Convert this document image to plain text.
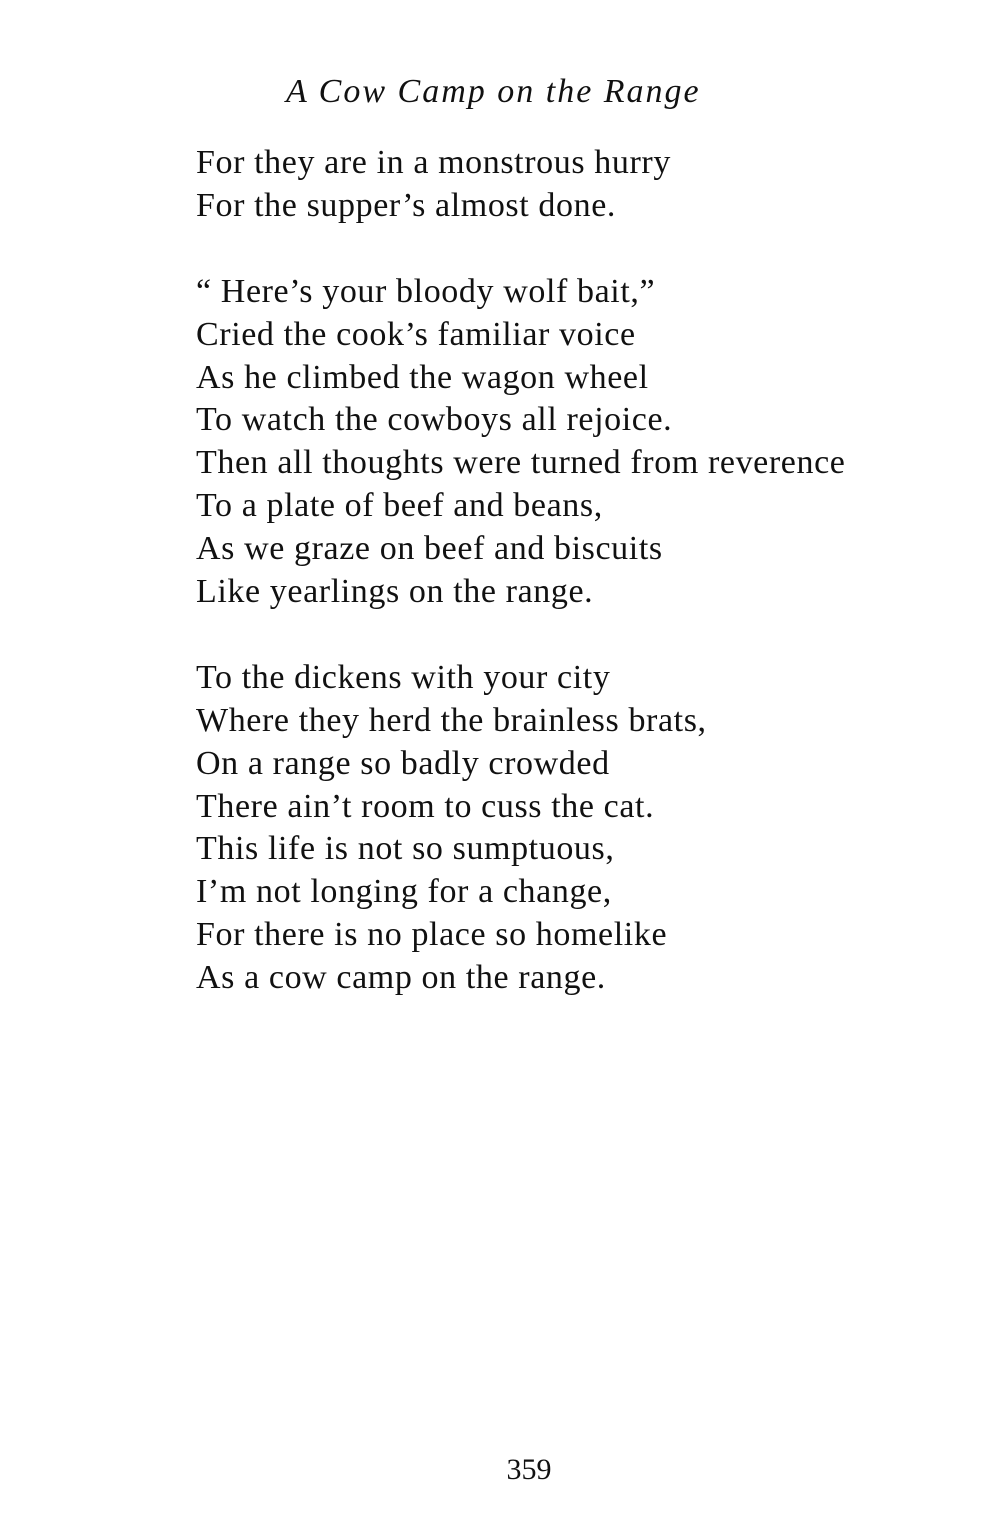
A Cow Camp on the Range
For they are in a monstrous hurry
For the supper’s almost done.
“ Here’s your bloody wolf bait,”
Cried the cook’s familiar voice
As he climbed the wagon wheel
To watch the cowboys all rejoice.
Then all thoughts were turned from reverence
To a plate of beef and beans,
As we graze on beef and biscuits
Like yearlings on the range.
To the dickens with your city
Where they herd the brainless brats,
On a range so badly crowded
There ain’t room to cuss the cat.
This life is not so sumptuous,
I’m not longing for a change,
For there is no place so homelike
As a cow camp on the range.
359
